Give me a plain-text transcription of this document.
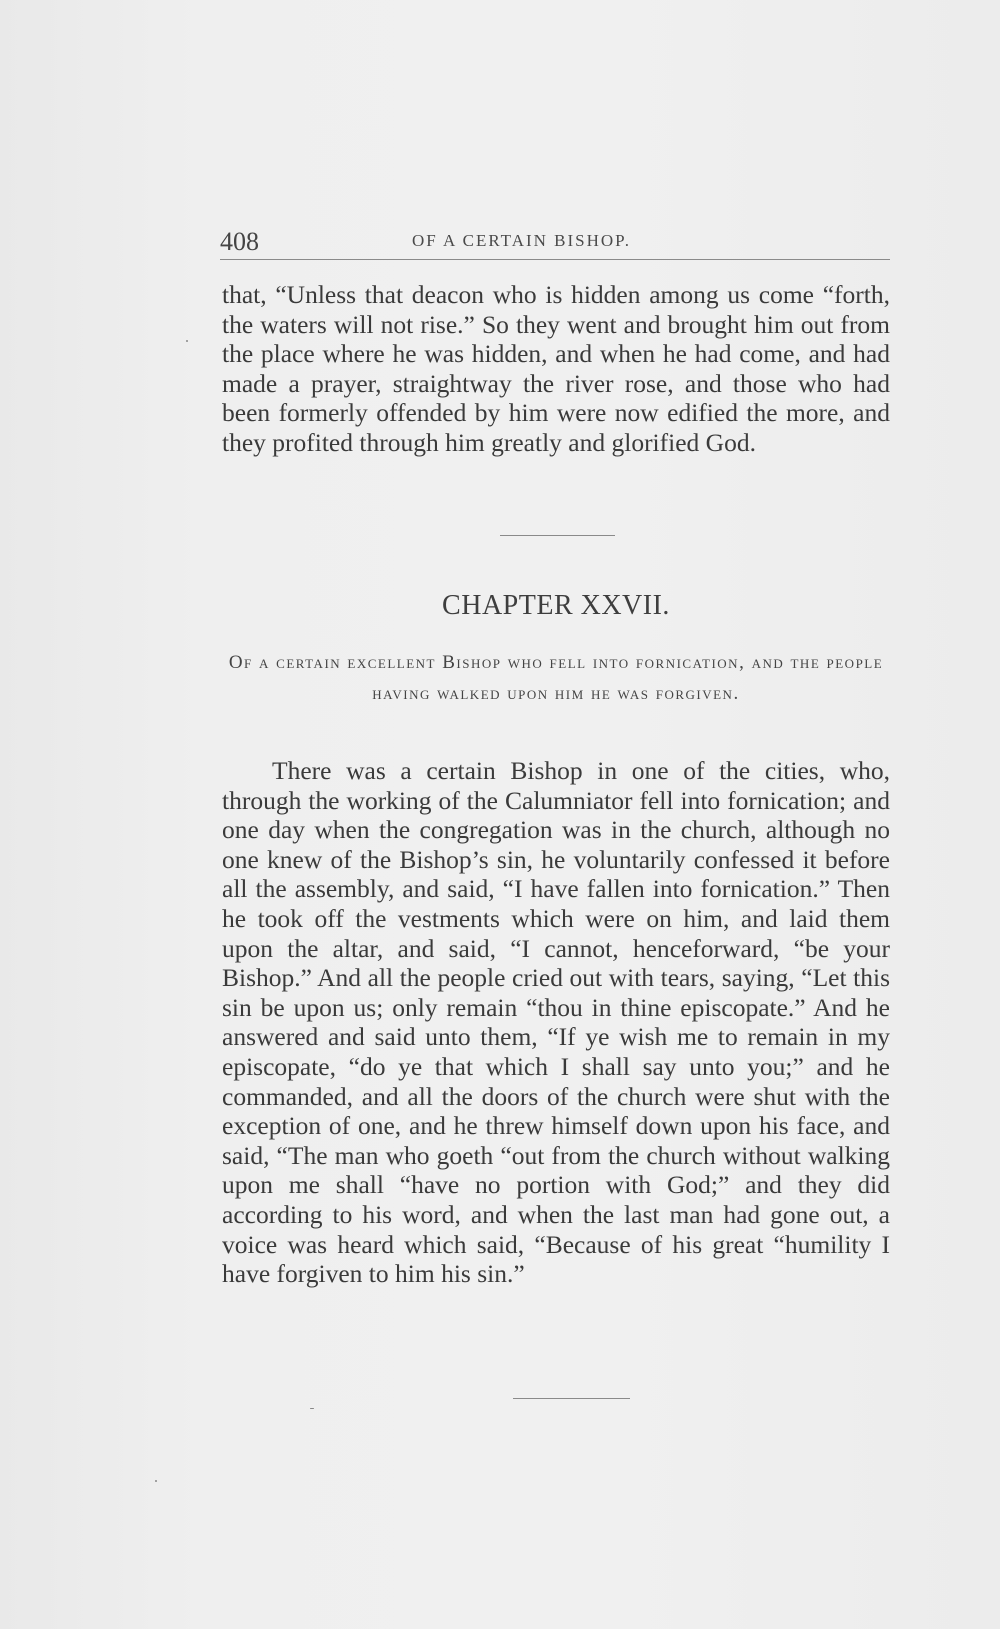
408	OF A CERTAIN BISHOP.

that, “Unless that deacon who is hidden among us come “forth, the waters will not rise.” So they went and brought him out from the place where he was hidden, and when he had come, and had made a prayer, straightway the river rose, and those who had been formerly offended by him were now edified the more, and they profited through him greatly and glorified God.

CHAPTER XXVII.
Of a certain excellent Bishop who fell into fornication, and the people having walked upon him he was forgiven.

There was a certain Bishop in one of the cities, who, through the working of the Calumniator fell into fornication; and one day when the congregation was in the church, although no one knew of the Bishop’s sin, he voluntarily confessed it before all the assembly, and said, “I have fallen into fornication.” Then he took off the vestments which were on him, and laid them upon the altar, and said, “I cannot, henceforward, “be your Bishop.” And all the people cried out with tears, saying, “Let this sin be upon us; only remain “thou in thine episcopate.” And he answered and said unto them, “If ye wish me to remain in my episcopate, “do ye that which I shall say unto you;” and he commanded, and all the doors of the church were shut with the exception of one, and he threw himself down upon his face, and said, “The man who goeth “out from the church without walking upon me shall “have no portion with God;” and they did according to his word, and when the last man had gone out, a voice was heard which said, “Because of his great “humility I have forgiven to him his sin.”
